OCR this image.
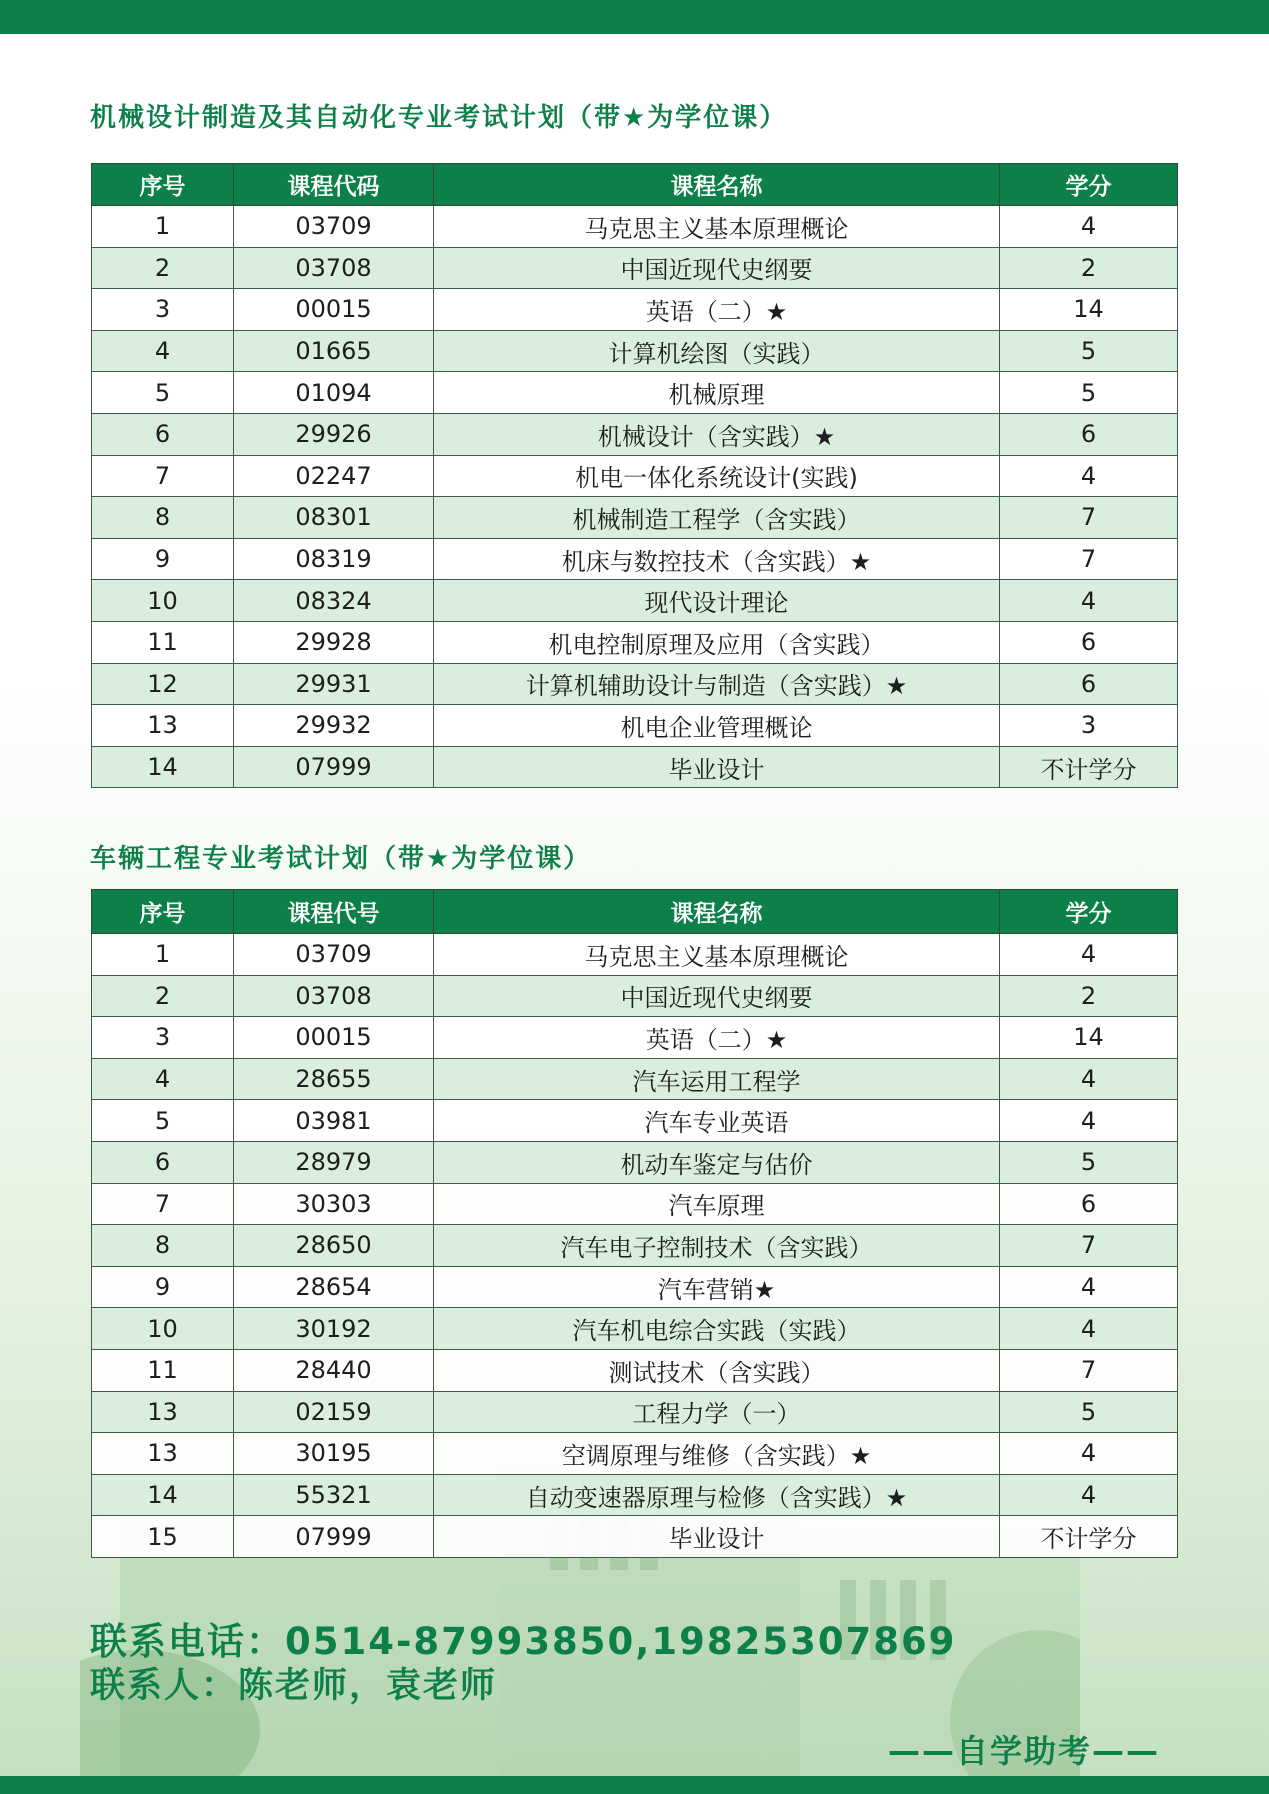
机械设计制造及其自动化专业考试计划（带★为学位课）
序号	课程代码	课程名称	学分
1	03709	马克思主义基本原理概论	4
2	03708	中国近现代史纲要	2
3	00015	英语（二）★	14
4	01665	计算机绘图（实践）	5
5	01094	机械原理	5
6	29926	机械设计（含实践）★	6
7	02247	机电一体化系统设计(实践)	4
8	08301	机械制造工程学（含实践）	7
9	08319	机床与数控技术（含实践）★	7
10	08324	现代设计理论	4
11	29928	机电控制原理及应用（含实践）	6
12	29931	计算机辅助设计与制造（含实践）★	6
13	29932	机电企业管理概论	3
14	07999	毕业设计	不计学分
车辆工程专业考试计划（带★为学位课）
序号	课程代号	课程名称	学分
1	03709	马克思主义基本原理概论	4
2	03708	中国近现代史纲要	2
3	00015	英语（二）★	14
4	28655	汽车运用工程学	4
5	03981	汽车专业英语	4
6	28979	机动车鉴定与估价	5
7	30303	汽车原理	6
8	28650	汽车电子控制技术（含实践）	7
9	28654	汽车营销★	4
10	30192	汽车机电综合实践（实践）	4
11	28440	测试技术（含实践）	7
13	02159	工程力学（一）	5
13	30195	空调原理与维修（含实践）★	4
14	55321	自动变速器原理与检修（含实践）★	4
15	07999	毕业设计	不计学分
联系电话：0514-87993850,19825307869
联系人：陈老师，袁老师
——自学助考——
